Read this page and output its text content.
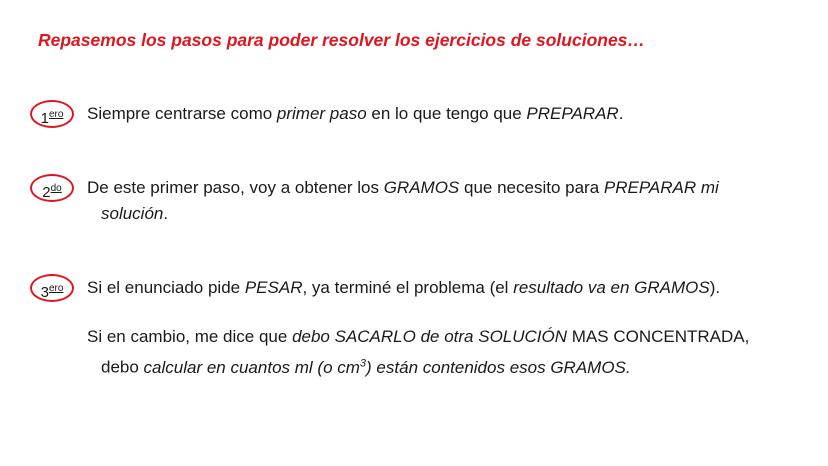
Repasemos los pasos para poder resolver los ejercicios de soluciones…
$1^{ero}$	Siempre centrarse como primer paso en lo que tengo que PREPARAR.
$2^{do}$	De este primer paso, voy a obtener los GRAMOS que necesito para PREPARAR mi
solución.
$3^{ero}$	Si el enunciado pide PESAR, ya terminé el problema (el resultado va en GRAMOS).
Si en cambio, me dice que debo SACARLO de otra SOLUCIÓN MAS CONCENTRADA,
debo calcular en cuantos ml (o $cm^3$) están contenidos esos GRAMOS.
